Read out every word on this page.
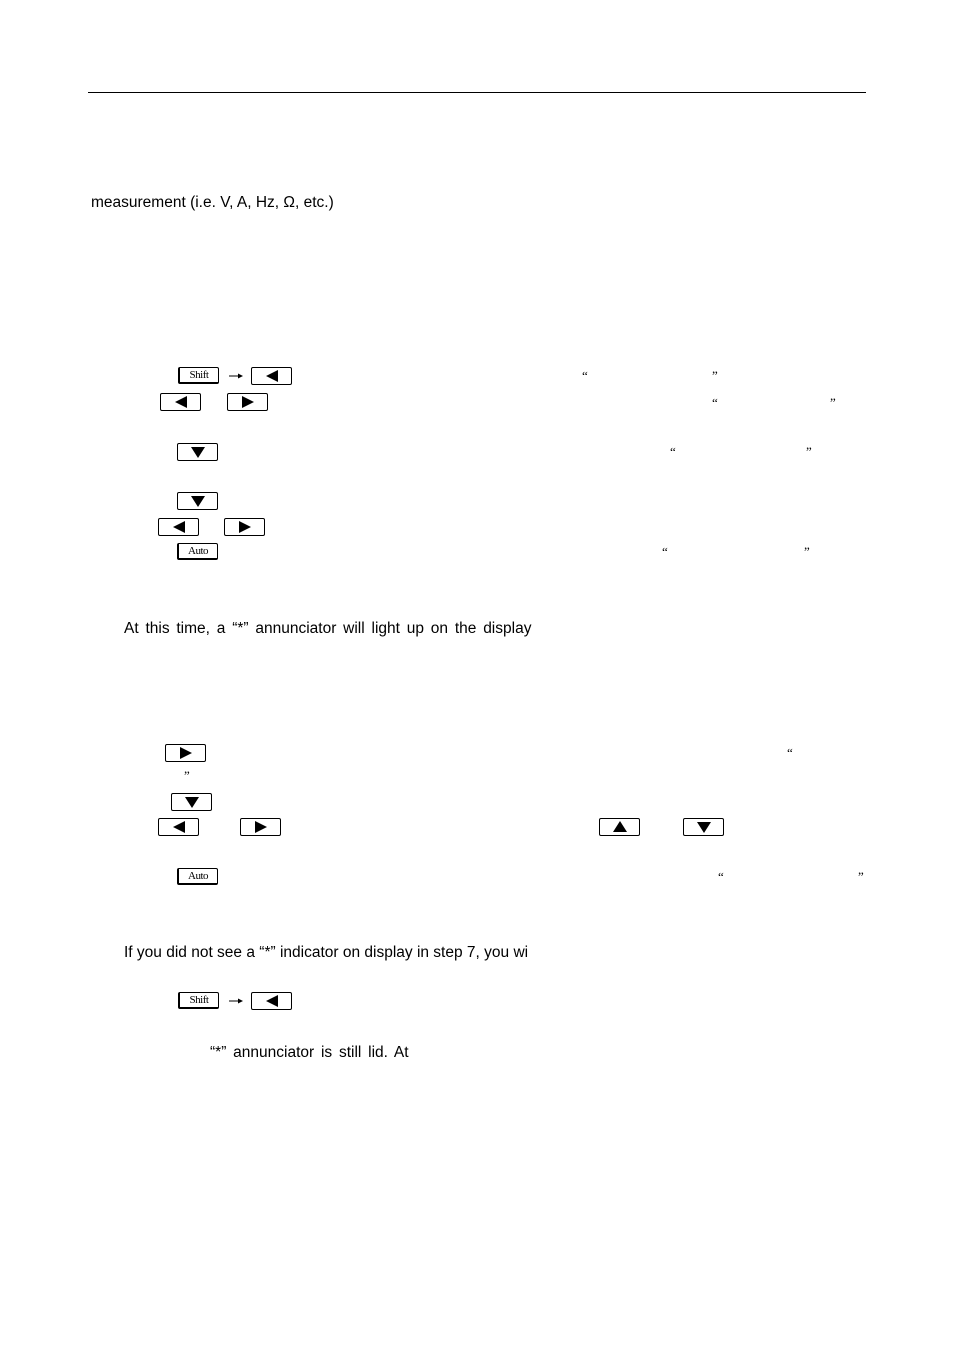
measurement (i.e. V, A, Hz, Ω, etc.)
At this time, a “*” annunciator will light up on the display
If you did not see a “*” indicator on display in step 7, you wi
“*” annunciator is still lid. At
Shift	“	”
“	”
“	”
Auto	“	”
“
”
Auto	“	”
Shift
